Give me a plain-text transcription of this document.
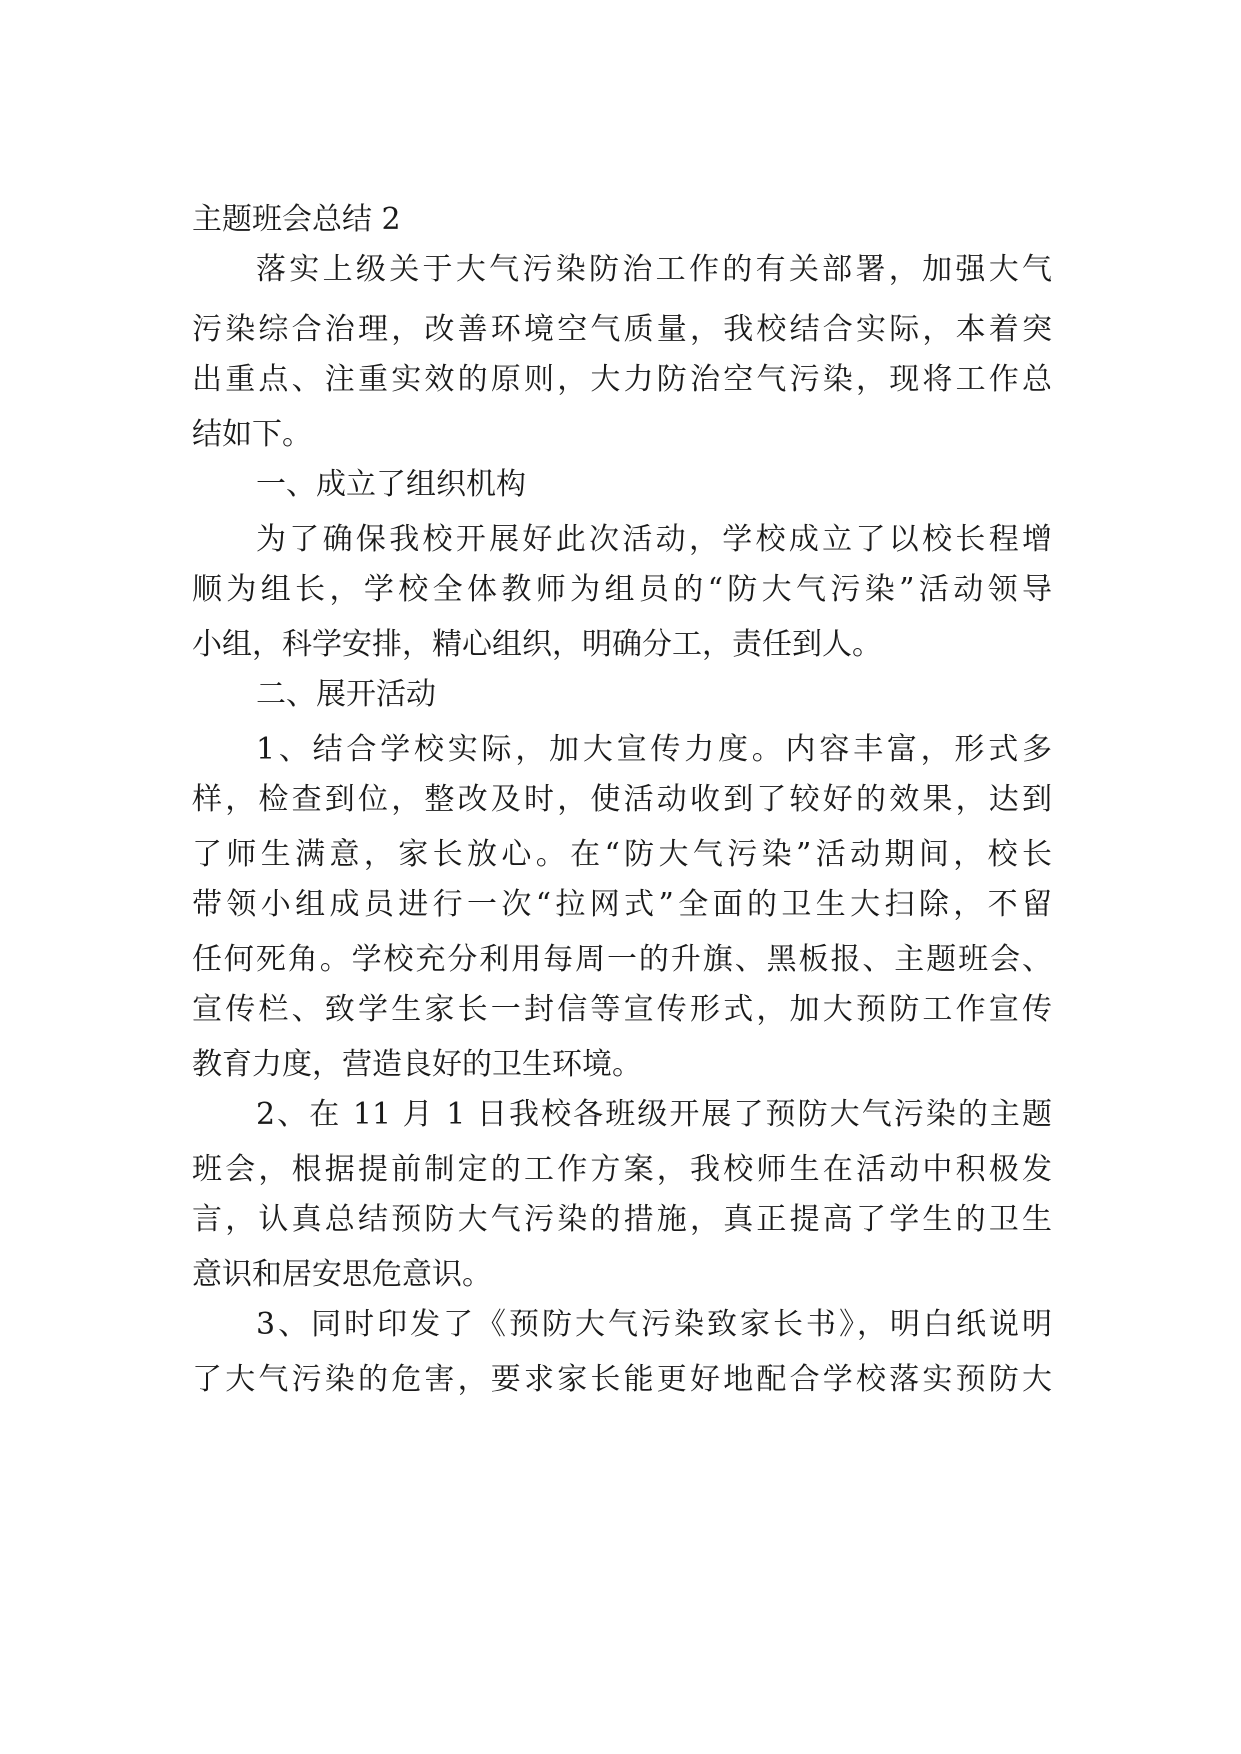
主题班会总结 2
落实上级关于大气污染防治工作的有关部署，加强大气
污染综合治理，改善环境空气质量，我校结合实际，本着突
出重点、注重实效的原则，大力防治空气污染，现将工作总
结如下。
一、成立了组织机构
为了确保我校开展好此次活动，学校成立了以校长程增
顺为组长，学校全体教师为组员的“防大气污染”活动领导
小组，科学安排，精心组织，明确分工，责任到人。
二、展开活动
1、结合学校实际，加大宣传力度。内容丰富，形式多
样，检查到位，整改及时，使活动收到了较好的效果，达到
了师生满意，家长放心。在“防大气污染”活动期间，校长
带领小组成员进行一次“拉网式”全面的卫生大扫除，不留
任何死角。学校充分利用每周一的升旗、黑板报、主题班会、
宣传栏、致学生家长一封信等宣传形式，加大预防工作宣传
教育力度，营造良好的卫生环境。
2、在 11 月 1 日我校各班级开展了预防大气污染的主题
班会，根据提前制定的工作方案，我校师生在活动中积极发
言，认真总结预防大气污染的措施，真正提高了学生的卫生
意识和居安思危意识。
3、同时印发了《预防大气污染致家长书》，明白纸说明
了大气污染的危害，要求家长能更好地配合学校落实预防大
